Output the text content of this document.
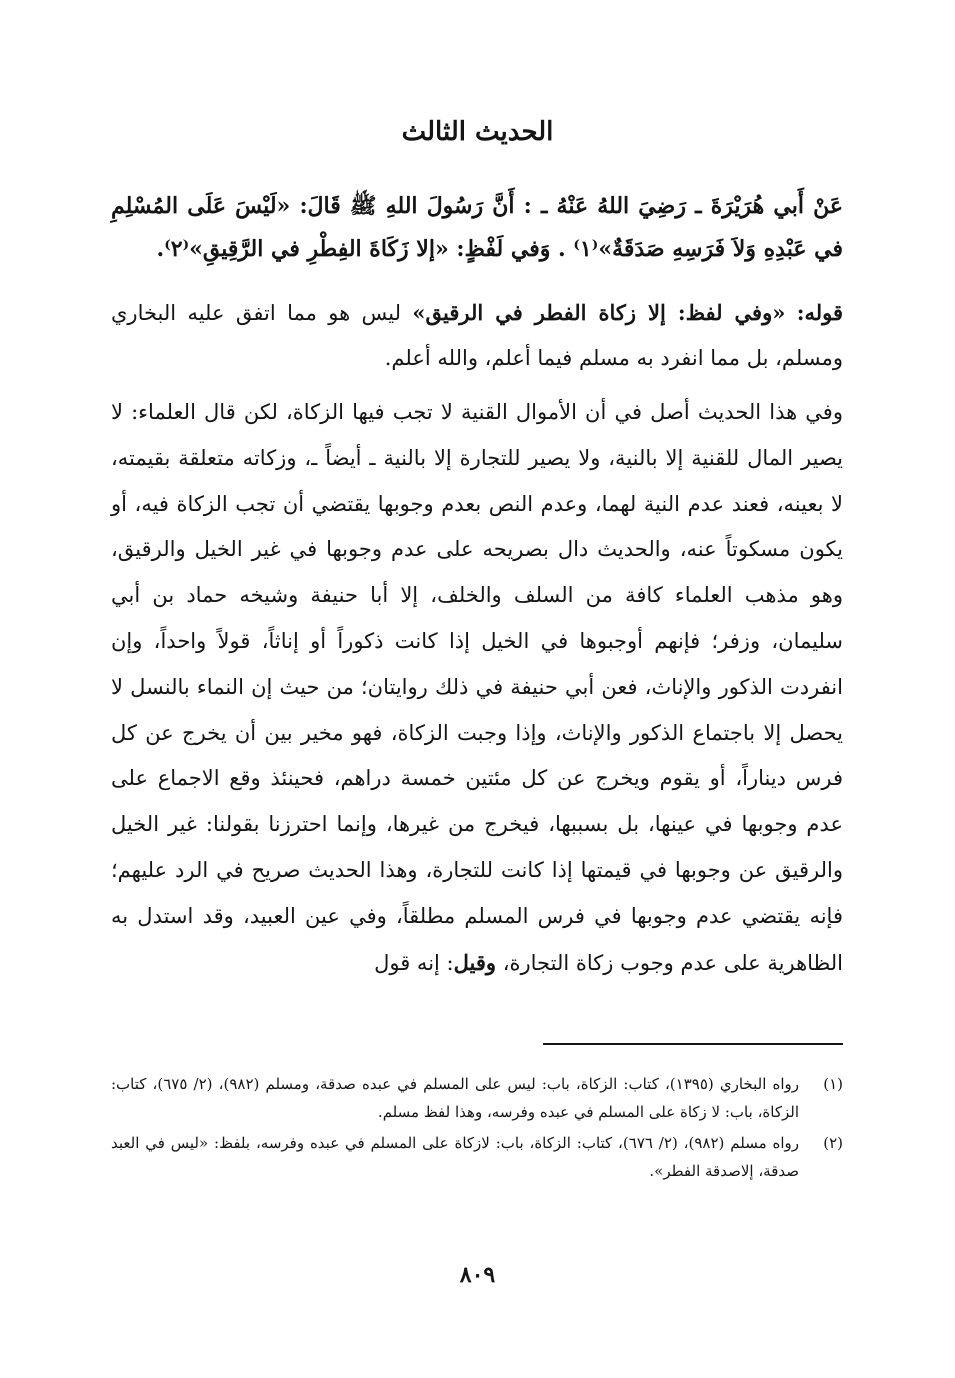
الحديث الثالث
عَنْ أَبي هُرَيْرَةَ ـ رَضِيَ اللهُ عَنْهُ ـ : أَنَّ رَسُولَ اللهِ ﷺ قَالَ: «لَيْسَ عَلَى المُسْلِمِ في عَبْدِهِ وَلاَ فَرَسِهِ صَدَقَةٌ»⁽١⁾ . وَفي لَفْظٍ: «إلا زَكَاةَ الفِطْرِ في الرَّقِيقِ»⁽٢⁾.
قوله: «وفي لفظ: إلا زكاة الفطر في الرقيق» ليس هو مما اتفق عليه البخاري ومسلم، بل مما انفرد به مسلم فيما أعلم، والله أعلم.
وفي هذا الحديث أصل في أن الأموال القنية لا تجب فيها الزكاة، لكن قال العلماء: لا يصير المال للقنية إلا بالنية، ولا يصير للتجارة إلا بالنية ـ أيضاً ـ، وزكاته متعلقة بقيمته، لا بعينه، فعند عدم النية لهما، وعدم النص بعدم وجوبها يقتضي أن تجب الزكاة فيه، أو يكون مسكوتاً عنه، والحديث دال بصريحه على عدم وجوبها في غير الخيل والرقيق، وهو مذهب العلماء كافة من السلف والخلف، إلا أبا حنيفة وشيخه حماد بن أبي سليمان، وزفر؛ فإنهم أوجبوها في الخيل إذا كانت ذكوراً أو إناثاً، قولاً واحداً، وإن انفردت الذكور والإناث، فعن أبي حنيفة في ذلك روايتان؛ من حيث إن النماء بالنسل لا يحصل إلا باجتماع الذكور والإناث، وإذا وجبت الزكاة، فهو مخير بين أن يخرج عن كل فرس ديناراً، أو يقوم ويخرج عن كل مئتين خمسة دراهم، فحينئذ وقع الاجماع على عدم وجوبها في عينها، بل بسببها، فيخرج من غيرها، وإنما احترزنا بقولنا: غير الخيل والرقيق عن وجوبها في قيمتها إذا كانت للتجارة، وهذا الحديث صريح في الرد عليهم؛ فإنه يقتضي عدم وجوبها في فرس المسلم مطلقاً، وفي عين العبيد، وقد استدل به الظاهرية على عدم وجوب زكاة التجارة، وقيل: إنه قول
(١)
رواه البخاري (١٣٩٥)، كتاب: الزكاة، باب: ليس على المسلم في عبده صدقة، ومسلم (٩٨٢)، (٢/ ٦٧٥)، كتاب: الزكاة، باب: لا زكاة على المسلم في عبده وفرسه، وهذا لفظ مسلم.
(٢)
رواه مسلم (٩٨٢)، (٢/ ٦٧٦)، كتاب: الزكاة، باب: لازكاة على المسلم في عبده وفرسه، بلفظ: «ليس في العبد صدقة، إلاصدقة الفطر».
٨٠٩
